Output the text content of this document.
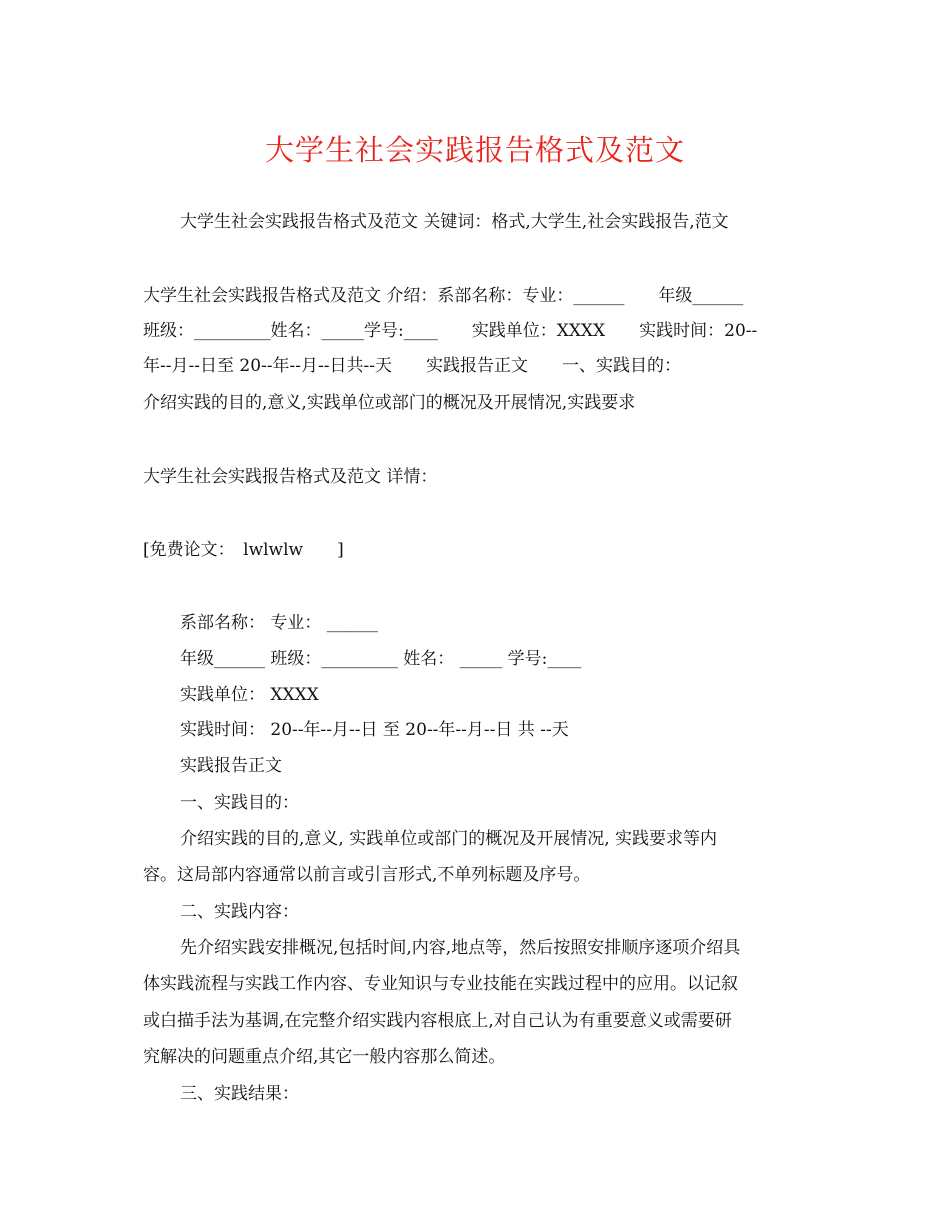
大学生社会实践报告格式及范文
大学生社会实践报告格式及范文 关键词：格式,大学生,社会实践报告,范文
大学生社会实践报告格式及范文 介绍：系部名称：专业：______　　年级______
班级：_________姓名：_____学号:____　　实践单位：XXXX　　实践时间：20--
年--月--日至 20--年--月--日共--天　　实践报告正文　　一、实践目的：
介绍实践的目的,意义,实践单位或部门的概况及开展情况,实践要求
大学生社会实践报告格式及范文 详情：
[免费论文：　lwlwlw　　]
系部名称： 专业： ______
年级______ 班级：_________ 姓名： _____ 学号:____
实践单位： XXXX
实践时间： 20--年--月--日 至 20--年--月--日 共 --天
实践报告正文
一、实践目的：
介绍实践的目的,意义, 实践单位或部门的概况及开展情况, 实践要求等内
容。这局部内容通常以前言或引言形式,不单列标题及序号。
二、实践内容：
先介绍实践安排概况,包括时间,内容,地点等，然后按照安排顺序逐项介绍具
体实践流程与实践工作内容、专业知识与专业技能在实践过程中的应用。以记叙
或白描手法为基调,在完整介绍实践内容根底上,对自己认为有重要意义或需要研
究解决的问题重点介绍,其它一般内容那么简述。
三、实践结果：
